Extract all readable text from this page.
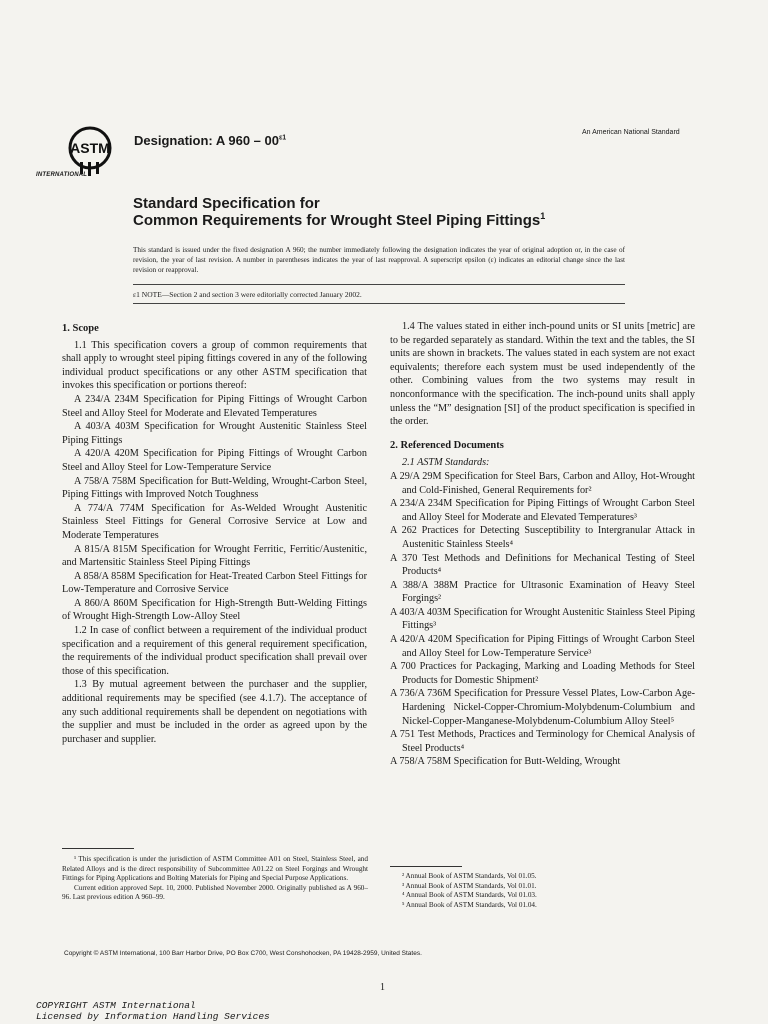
ASTM
INTERNATIONAL
Designation: A $960 - 00^{\varepsilon 1}$
An American National Standard
Standard Specification for
Common Requirements for Wrought Steel Piping Fittings$^1$
This standard is issued under the fixed designation A 960; the number immediately following the designation indicates the year of original adoption or, in the case of revision, the year of last revision. A number in parentheses indicates the year of last reapproval. A superscript epsilon (ε) indicates an editorial change since the last revision or reapproval.
ε1 NOTE—Section 2 and section 3 were editorially corrected January 2002.

1. Scope

1.1 This specification covers a group of common requirements that shall apply to wrought steel piping fittings covered in any of the following individual product specifications or any other ASTM specification that invokes this specification or portions thereof:

A 234/A 234M Specification for Piping Fittings of Wrought Carbon Steel and Alloy Steel for Moderate and Elevated Temperatures

A 403/A 403M Specification for Wrought Austenitic Stainless Steel Piping Fittings

A 420/A 420M Specification for Piping Fittings of Wrought Carbon Steel and Alloy Steel for Low-Temperature Service

A 758/A 758M Specification for Butt-Welding, Wrought-Carbon Steel, Piping Fittings with Improved Notch Toughness

A 774/A 774M Specification for As-Welded Wrought Austenitic Stainless Steel Fittings for General Corrosive Service at Low and Moderate Temperatures

A 815/A 815M Specification for Wrought Ferritic, Ferritic/Austenitic, and Martensitic Stainless Steel Piping Fittings

A 858/A 858M Specification for Heat-Treated Carbon Steel Fittings for Low-Temperature and Corrosive Service

A 860/A 860M Specification for High-Strength Butt-Welding Fittings of Wrought High-Strength Low-Alloy Steel

1.2 In case of conflict between a requirement of the individual product specification and a requirement of this general requirement specification, the requirements of the individual product specification shall prevail over those of this specification.

1.3 By mutual agreement between the purchaser and the supplier, additional requirements may be specified (see 4.1.7). The acceptance of any such additional requirements shall be dependent on negotiations with the supplier and must be included in the order as agreed upon by the purchaser and supplier.

1.4 The values stated in either inch-pound units or SI units [metric] are to be regarded separately as standard. Within the text and the tables, the SI units are shown in brackets. The values stated in each system are not exact equivalents; therefore each system must be used independently of the other. Combining values from the two systems may result in nonconformance with the specification. The inch-pound units shall apply unless the “M” designation [SI] of the product specification is specified in the order.

2. Referenced Documents

2.1 ASTM Standards:

A 29/A 29M Specification for Steel Bars, Carbon and Alloy, Hot-Wrought and Cold-Finished, General Requirements for²

A 234/A 234M Specification for Piping Fittings of Wrought Carbon Steel and Alloy Steel for Moderate and Elevated Temperatures³

A 262 Practices for Detecting Susceptibility to Intergranular Attack in Austenitic Stainless Steels⁴

A 370 Test Methods and Definitions for Mechanical Testing of Steel Products⁴

A 388/A 388M Practice for Ultrasonic Examination of Heavy Steel Forgings²

A 403/A 403M Specification for Wrought Austenitic Stainless Steel Piping Fittings³

A 420/A 420M Specification for Piping Fittings of Wrought Carbon Steel and Alloy Steel for Low-Temperature Service³

A 700 Practices for Packaging, Marking and Loading Methods for Steel Products for Domestic Shipment²

A 736/A 736M Specification for Pressure Vessel Plates, Low-Carbon Age-Hardening Nickel-Copper-Chromium-Molybdenum-Columbium and Nickel-Copper-Manganese-Molybdenum-Columbium Alloy Steel⁵

A 751 Test Methods, Practices and Terminology for Chemical Analysis of Steel Products⁴

A 758/A 758M Specification for Butt-Welding, Wrought

¹ This specification is under the jurisdiction of ASTM Committee A01 on Steel, Stainless Steel, and Related Alloys and is the direct responsibility of Subcommittee A01.22 on Steel Forgings and Wrought Fittings for Piping Applications and Bolting Materials for Piping and Special Purpose Applications.
Current edition approved Sept. 10, 2000. Published November 2000. Originally published as A 960–96. Last previous edition A 960–99.
² Annual Book of ASTM Standards, Vol 01.05.
³ Annual Book of ASTM Standards, Vol 01.01.
⁴ Annual Book of ASTM Standards, Vol 01.03.
⁵ Annual Book of ASTM Standards, Vol 01.04.
Copyright © ASTM International, 100 Barr Harbor Drive, PO Box C700, West Conshohocken, PA 19428-2959, United States.
1
COPYRIGHT ASTM International
Licensed by Information Handling Services
